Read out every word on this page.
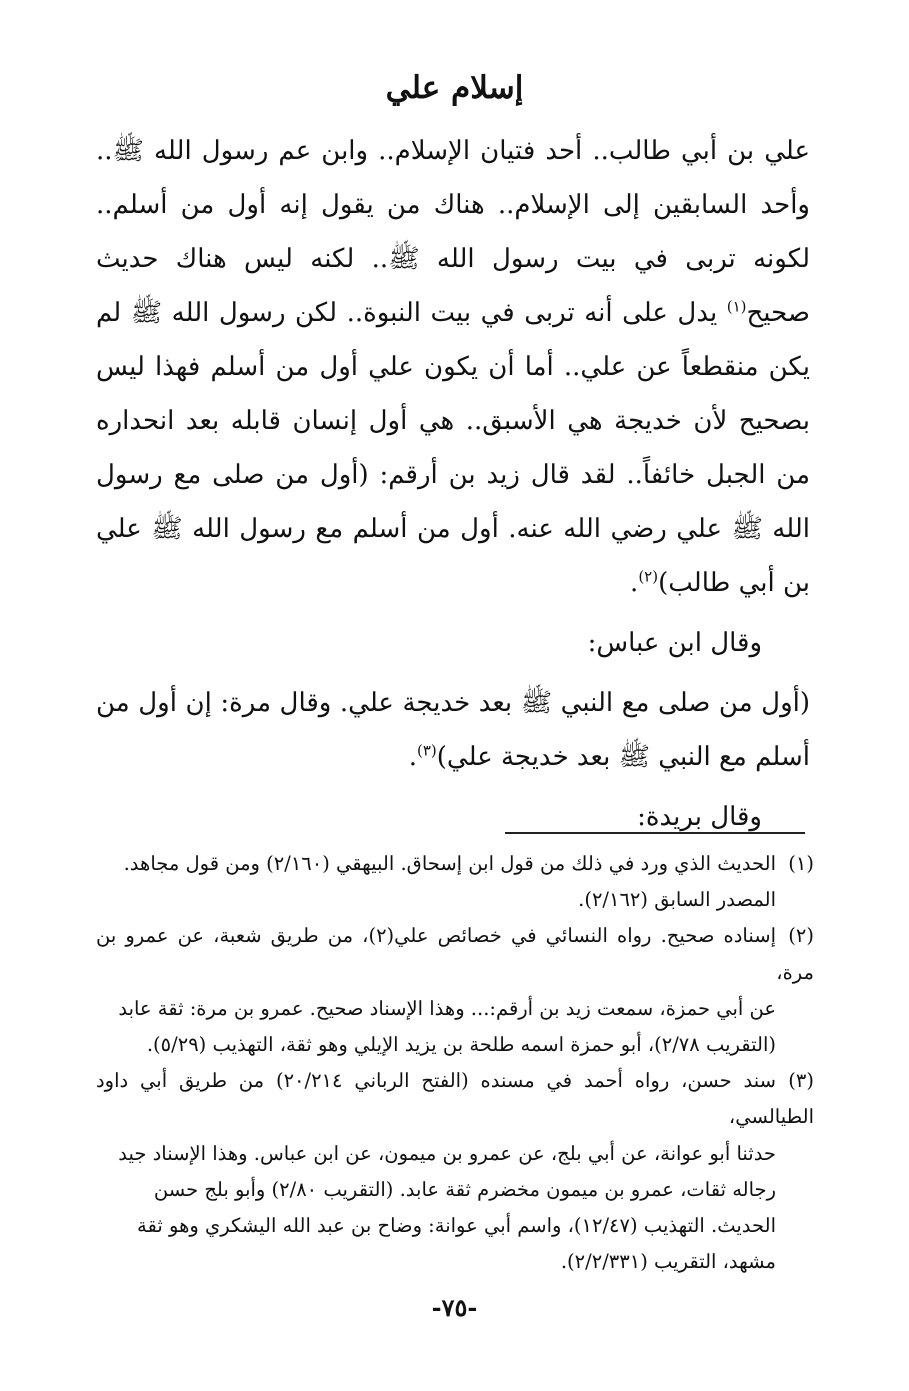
إسلام علي

علي بن أبي طالب.. أحد فتيان الإسلام.. وابن عم رسول الله ﷺ.. وأحد السابقين إلى الإسلام.. هناك من يقول إنه أول من أسلم.. لكونه تربى في بيت رسول الله ﷺ.. لكنه ليس هناك حديث صحيح$^{(١)}$ يدل على أنه تربى في بيت النبوة.. لكن رسول الله ﷺ لم يكن منقطعاً عن علي.. أما أن يكون علي أول من أسلم فهذا ليس بصحيح لأن خديجة هي الأسبق.. هي أول إنسان قابله بعد انحداره من الجبل خائفاً.. لقد قال زيد بن أرقم: (أول من صلى مع رسول الله ﷺ علي رضي الله عنه. أول من أسلم مع رسول الله ﷺ علي بن أبي طالب)$^{(٢)}$.

وقال ابن عباس:

(أول من صلى مع النبي ﷺ بعد خديجة علي. وقال مرة: إن أول من أسلم مع النبي ﷺ بعد خديجة علي)$^{(٣)}$.

وقال بريدة:

(١)الحديث الذي ورد في ذلك من قول ابن إسحاق. البيهقي (٢/١٦٠) ومن قول مجاهد.
المصدر السابق (٢/١٦٢).

(٢)إسناده صحيح. رواه النسائي في خصائص علي(٢)، من طريق شعبة، عن عمرو بن مرة،
عن أبي حمزة، سمعت زيد بن أرقم:... وهذا الإسناد صحيح. عمرو بن مرة: ثقة عابد
(التقريب ٢/٧٨)، أبو حمزة اسمه طلحة بن يزيد الإيلي وهو ثقة، التهذيب (٥/٢٩).

(٣)سند حسن، رواه أحمد في مسنده (الفتح الرباني ٢٠/٢١٤) من طريق أبي داود الطيالسي،
حدثنا أبو عوانة، عن أبي بلج، عن عمرو بن ميمون، عن ابن عباس. وهذا الإسناد جيد
رجاله ثقات، عمرو بن ميمون مخضرم ثقة عابد. (التقريب ٢/٨٠) وأبو بلج حسن
الحديث. التهذيب (١٢/٤٧)، واسم أبي عوانة: وضاح بن عبد الله اليشكري وهو ثقة
مشهد، التقريب (٢/٢/٣٣١).

-٧٥-
